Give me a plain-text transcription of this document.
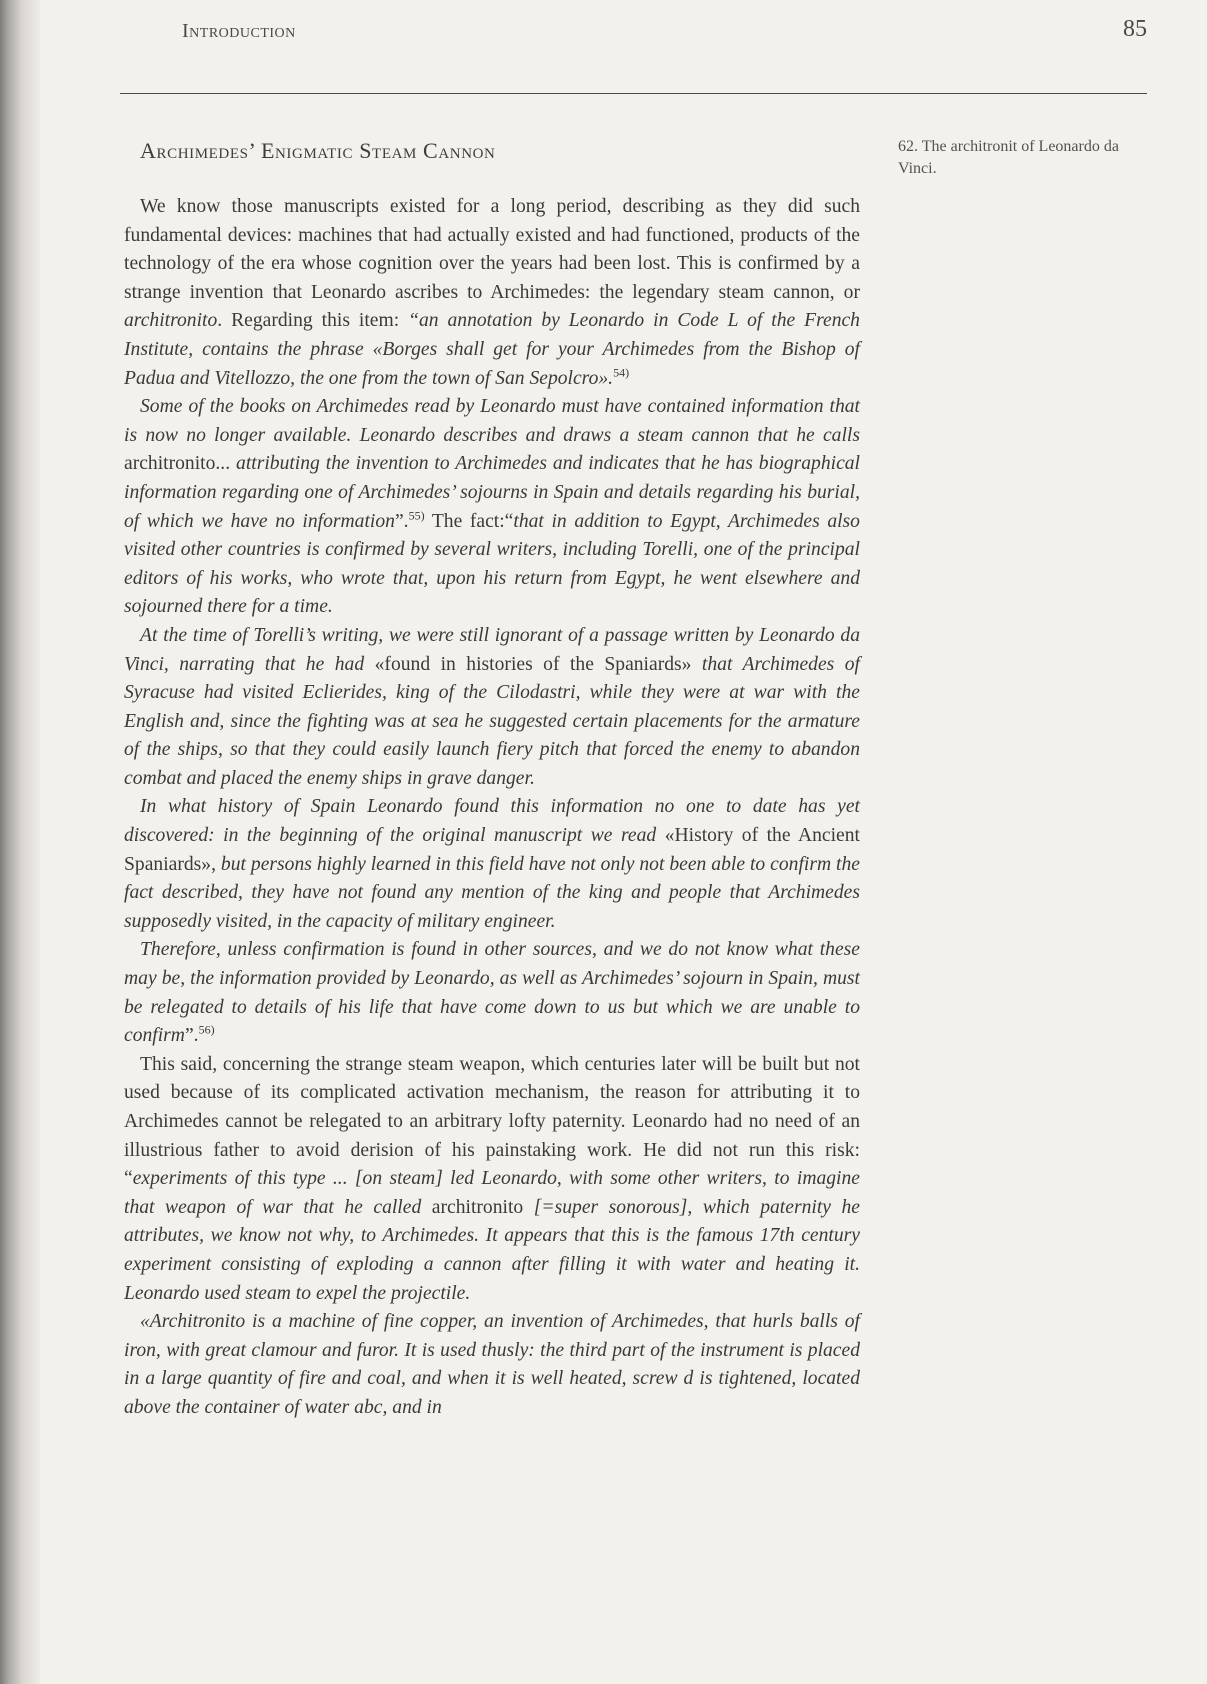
Introduction	85
Archimedes’ Enigmatic Steam Cannon	62. The architronit of Leonardo da Vinci.

We know those manuscripts existed for a long period, describing as they did such fundamental devices: machines that had actually existed and had functioned, products of the technology of the era whose cognition over the years had been lost. This is confirmed by a strange invention that Leonardo ascribes to Archimedes: the legendary steam cannon, or architronito. Regarding this item: “an annotation by Leonardo in Code L of the French Institute, contains the phrase «Borges shall get for your Archimedes from the Bishop of Padua and Vitellozzo, the one from the town of San Sepolcro».$^{54)}$

Some of the books on Archimedes read by Leonardo must have contained information that is now no longer available. Leonardo describes and draws a steam cannon that he calls architronito... attributing the invention to Archimedes and indicates that he has biographical information regarding one of Archimedes’ sojourns in Spain and details regarding his burial, of which we have no information”.$^{55)}$ The fact:“that in addition to Egypt, Archimedes also visited other countries is confirmed by several writers, including Torelli, one of the principal editors of his works, who wrote that, upon his return from Egypt, he went elsewhere and sojourned there for a time.

At the time of Torelli’s writing, we were still ignorant of a passage written by Leonardo da Vinci, narrating that he had «found in histories of the Spaniards» that Archimedes of Syracuse had visited Eclierides, king of the Cilodastri, while they were at war with the English and, since the fighting was at sea he suggested certain placements for the armature of the ships, so that they could easily launch fiery pitch that forced the enemy to abandon combat and placed the enemy ships in grave danger.

In what history of Spain Leonardo found this information no one to date has yet discovered: in the beginning of the original manuscript we read «History of the Ancient Spaniards», but persons highly learned in this field have not only not been able to confirm the fact described, they have not found any mention of the king and people that Archimedes supposedly visited, in the capacity of military engineer.

Therefore, unless confirmation is found in other sources, and we do not know what these may be, the information provided by Leonardo, as well as Archimedes’ sojourn in Spain, must be relegated to details of his life that have come down to us but which we are unable to confirm”.$^{56)}$

This said, concerning the strange steam weapon, which centuries later will be built but not used because of its complicated activation mechanism, the reason for attributing it to Archimedes cannot be relegated to an arbitrary lofty paternity. Leonardo had no need of an illustrious father to avoid derision of his painstaking work. He did not run this risk: “experiments of this type ... [on steam] led Leonardo, with some other writers, to imagine that weapon of war that he called architronito [=super sonorous], which paternity he attributes, we know not why, to Archimedes. It appears that this is the famous 17th century experiment consisting of exploding a cannon after filling it with water and heating it. Leonardo used steam to expel the projectile.

«Architronito is a machine of fine copper, an invention of Archimedes, that hurls balls of iron, with great clamour and furor. It is used thusly: the third part of the instrument is placed in a large quantity of fire and coal, and when it is well heated, screw d is tightened, located above the container of water abc, and in
